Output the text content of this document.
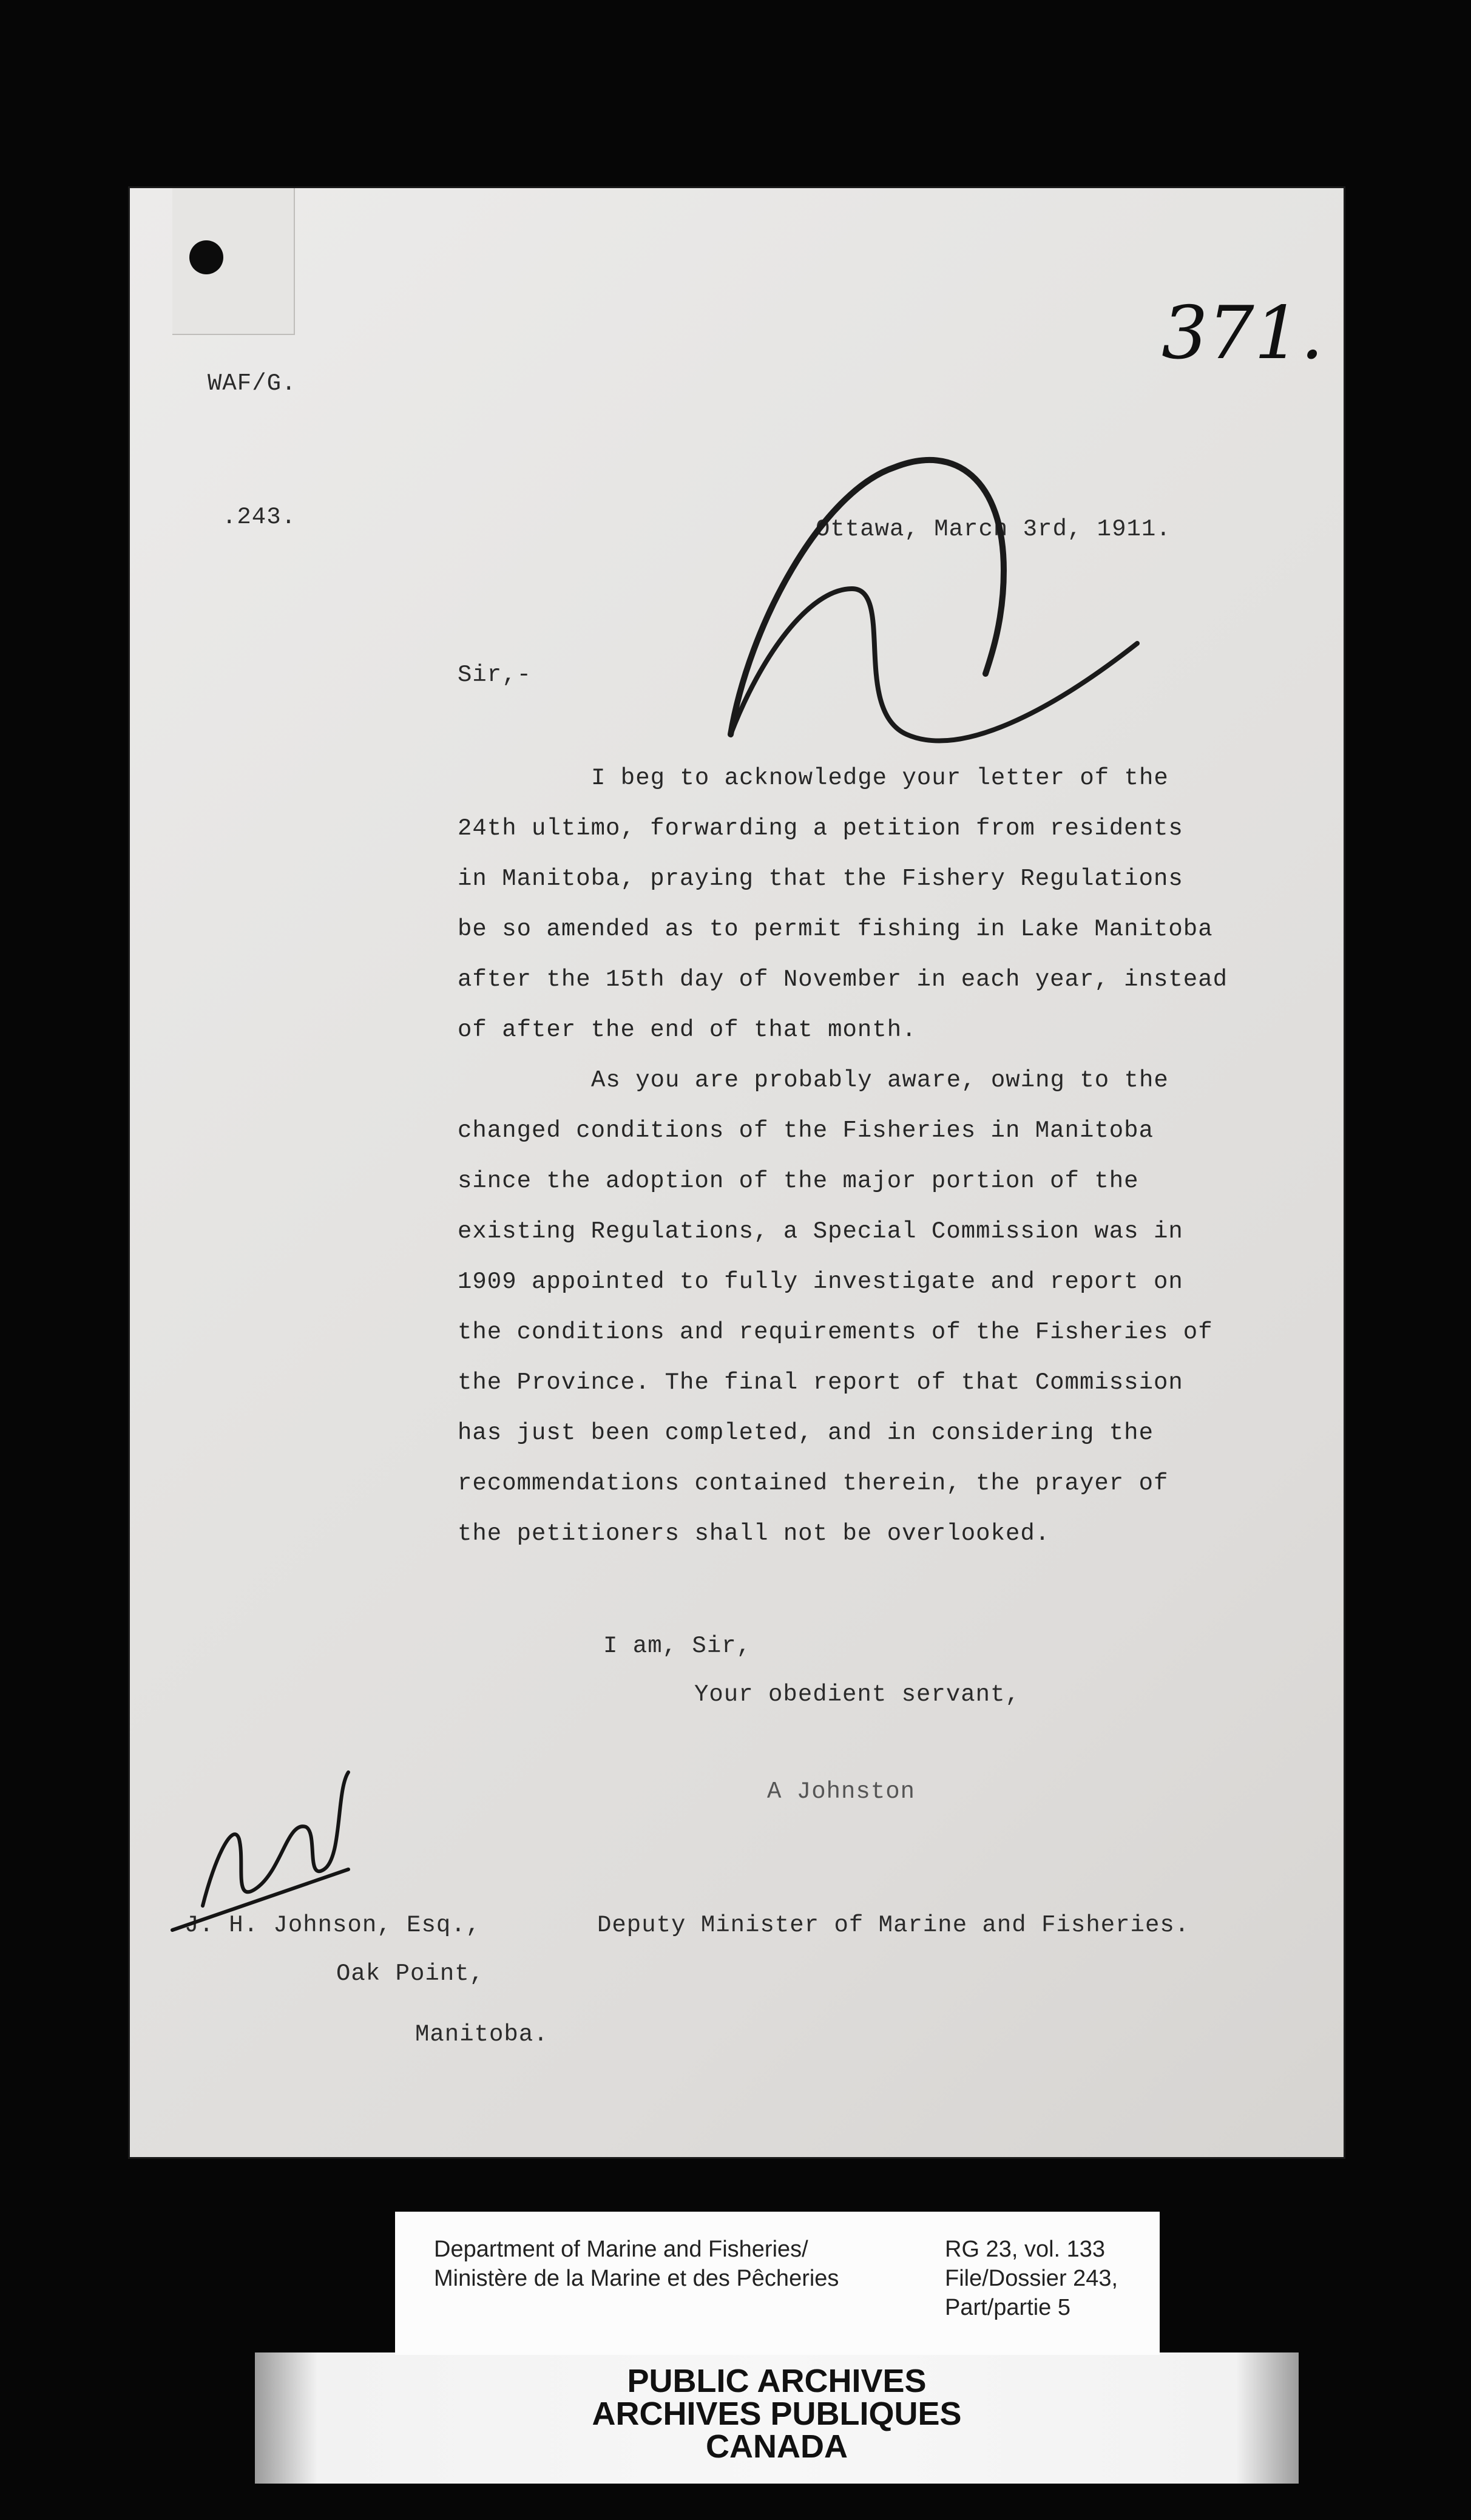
371.
WAF/G.
.243.	Ottawa, March 3rd, 1911.
Sir,-
I beg to acknowledge your letter of the
24th ultimo, forwarding a petition from residents
in Manitoba, praying that the Fishery Regulations
be so amended as to permit fishing in Lake Manitoba
after the 15th day of November in each year, instead
of after the end of that month.
As you are probably aware, owing to the
changed conditions of the Fisheries in Manitoba
since the adoption of the major portion of the
existing Regulations, a Special Commission was in
1909 appointed to fully investigate and report on
the conditions and requirements of the Fisheries of
the Province. The final report of that Commission
has just been completed, and in considering the
recommendations contained therein, the prayer of
the petitioners shall not be overlooked.
I am, Sir,
Your obedient servant,
A Johnston
Deputy Minister of Marine and Fisheries.
J. H. Johnson, Esq.,
Oak Point,
Manitoba.
PUBLIC ARCHIVES
ARCHIVES PUBLIQUES
CANADA
Department of Marine and Fisheries/
Ministère de la Marine et des Pêcheries
RG 23, vol. 133
File/Dossier 243,
Part/partie 5
